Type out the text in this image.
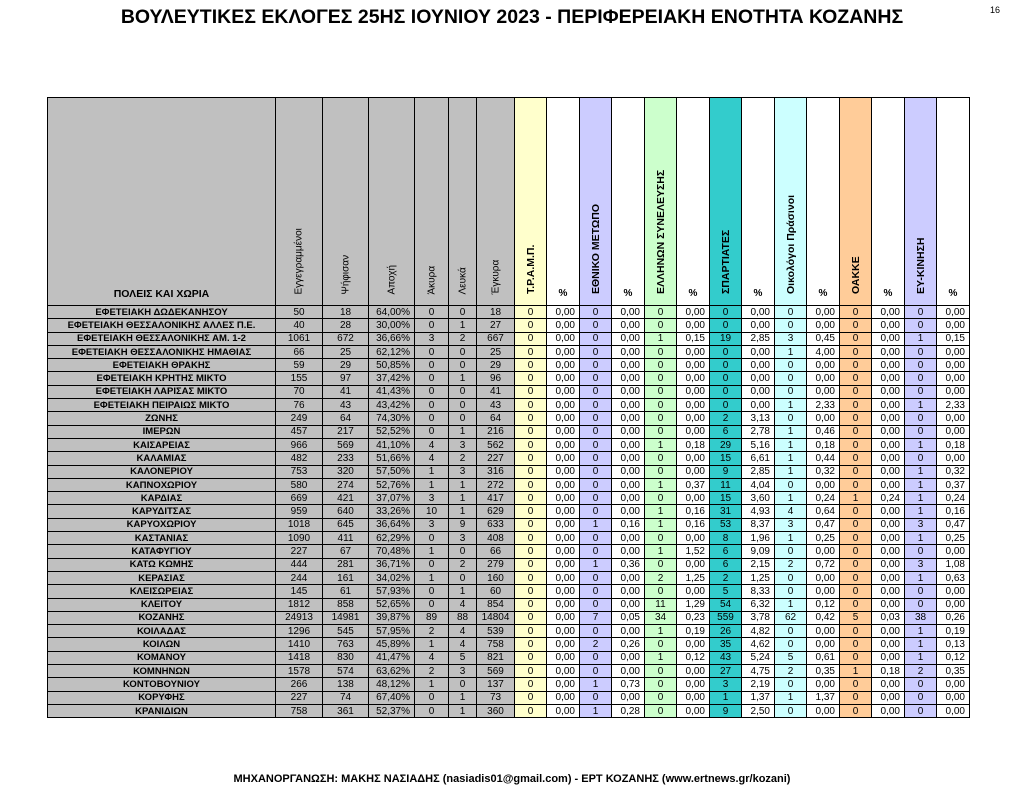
ΒΟΥΛΕΥΤΙΚΕΣ ΕΚΛΟΓΕΣ 25ΗΣ ΙΟΥΝΙΟΥ 2023 - ΠΕΡΙΦΕΡΕΙΑΚΗ ΕΝΟΤΗΤΑ ΚΟΖΑΝΗΣ	16
ΠΟΛΕΙΣ ΚΑΙ ΧΩΡΙΑ	Εγγεγραμμένοι	Ψήφισαν	Αποχή	Άκυρα	Λευκά	Έγκυρα	Τ.Ρ.Α.Μ.Π.	%	ΕΘΝΙΚΟ ΜΕΤΩΠΟ	%	ΕΛΛΗΝΩΝ ΣΥΝΕΛΕΥΣΗΣ	%	ΣΠΑΡΤΙΑΤΕΣ	%	Οικολόγοι Πράσινοι	%	ΟΑΚΚΕ	%	ΕΥ-ΚΙΝΗΣΗ	%
ΕΦΕΤΕΙΑΚΗ ΔΩΔΕΚΑΝΗΣΟΥ	50	18	64,00%	0	0	18	0	0,00	0	0,00	0	0,00	0	0,00	0	0,00	0	0,00	0	0,00
ΕΦΕΤΕΙΑΚΗ ΘΕΣΣΑΛΟΝΙΚΗΣ ΑΛΛΕΣ Π.Ε.	40	28	30,00%	0	1	27	0	0,00	0	0,00	0	0,00	0	0,00	0	0,00	0	0,00	0	0,00
ΕΦΕΤΕΙΑΚΗ ΘΕΣΣΑΛΟΝΙΚΗΣ ΑΜ. 1-2	1061	672	36,66%	3	2	667	0	0,00	0	0,00	1	0,15	19	2,85	3	0,45	0	0,00	1	0,15
ΕΦΕΤΕΙΑΚΗ ΘΕΣΣΑΛΟΝΙΚΗΣ ΗΜΑΘΙΑΣ	66	25	62,12%	0	0	25	0	0,00	0	0,00	0	0,00	0	0,00	1	4,00	0	0,00	0	0,00
ΕΦΕΤΕΙΑΚΗ ΘΡΑΚΗΣ	59	29	50,85%	0	0	29	0	0,00	0	0,00	0	0,00	0	0,00	0	0,00	0	0,00	0	0,00
ΕΦΕΤΕΙΑΚΗ ΚΡΗΤΗΣ ΜΙΚΤΟ	155	97	37,42%	0	1	96	0	0,00	0	0,00	0	0,00	0	0,00	0	0,00	0	0,00	0	0,00
ΕΦΕΤΕΙΑΚΗ ΛΑΡΙΣΑΣ ΜΙΚΤΟ	70	41	41,43%	0	0	41	0	0,00	0	0,00	0	0,00	0	0,00	0	0,00	0	0,00	0	0,00
ΕΦΕΤΕΙΑΚΗ ΠΕΙΡΑΙΩΣ ΜΙΚΤΟ	76	43	43,42%	0	0	43	0	0,00	0	0,00	0	0,00	0	0,00	1	2,33	0	0,00	1	2,33
ΖΩΝΗΣ	249	64	74,30%	0	0	64	0	0,00	0	0,00	0	0,00	2	3,13	0	0,00	0	0,00	0	0,00
ΙΜΕΡΩΝ	457	217	52,52%	0	1	216	0	0,00	0	0,00	0	0,00	6	2,78	1	0,46	0	0,00	0	0,00
ΚΑΙΣΑΡΕΙΑΣ	966	569	41,10%	4	3	562	0	0,00	0	0,00	1	0,18	29	5,16	1	0,18	0	0,00	1	0,18
ΚΑΛΑΜΙΑΣ	482	233	51,66%	4	2	227	0	0,00	0	0,00	0	0,00	15	6,61	1	0,44	0	0,00	0	0,00
ΚΑΛΟΝΕΡΙΟΥ	753	320	57,50%	1	3	316	0	0,00	0	0,00	0	0,00	9	2,85	1	0,32	0	0,00	1	0,32
ΚΑΠΝΟΧΩΡΙΟΥ	580	274	52,76%	1	1	272	0	0,00	0	0,00	1	0,37	11	4,04	0	0,00	0	0,00	1	0,37
ΚΑΡΔΙΑΣ	669	421	37,07%	3	1	417	0	0,00	0	0,00	0	0,00	15	3,60	1	0,24	1	0,24	1	0,24
ΚΑΡΥΔΙΤΣΑΣ	959	640	33,26%	10	1	629	0	0,00	0	0,00	1	0,16	31	4,93	4	0,64	0	0,00	1	0,16
ΚΑΡΥΟΧΩΡΙΟΥ	1018	645	36,64%	3	9	633	0	0,00	1	0,16	1	0,16	53	8,37	3	0,47	0	0,00	3	0,47
ΚΑΣΤΑΝΙΑΣ	1090	411	62,29%	0	3	408	0	0,00	0	0,00	0	0,00	8	1,96	1	0,25	0	0,00	1	0,25
ΚΑΤΑΦΥΓΙΟΥ	227	67	70,48%	1	0	66	0	0,00	0	0,00	1	1,52	6	9,09	0	0,00	0	0,00	0	0,00
ΚΑΤΩ ΚΩΜΗΣ	444	281	36,71%	0	2	279	0	0,00	1	0,36	0	0,00	6	2,15	2	0,72	0	0,00	3	1,08
ΚΕΡΑΣΙΑΣ	244	161	34,02%	1	0	160	0	0,00	0	0,00	2	1,25	2	1,25	0	0,00	0	0,00	1	0,63
ΚΛΕΙΣΩΡΕΙΑΣ	145	61	57,93%	0	1	60	0	0,00	0	0,00	0	0,00	5	8,33	0	0,00	0	0,00	0	0,00
ΚΛΕΙΤΟΥ	1812	858	52,65%	0	4	854	0	0,00	0	0,00	11	1,29	54	6,32	1	0,12	0	0,00	0	0,00
ΚΟΖΑΝΗΣ	24913	14981	39,87%	89	88	14804	0	0,00	7	0,05	34	0,23	559	3,78	62	0,42	5	0,03	38	0,26
ΚΟΙΛΑΔΑΣ	1296	545	57,95%	2	4	539	0	0,00	0	0,00	1	0,19	26	4,82	0	0,00	0	0,00	1	0,19
ΚΟΙΛΩΝ	1410	763	45,89%	1	4	758	0	0,00	2	0,26	0	0,00	35	4,62	0	0,00	0	0,00	1	0,13
ΚΟΜΑΝΟΥ	1418	830	41,47%	4	5	821	0	0,00	0	0,00	1	0,12	43	5,24	5	0,61	0	0,00	1	0,12
ΚΟΜΝΗΝΩΝ	1578	574	63,62%	2	3	569	0	0,00	0	0,00	0	0,00	27	4,75	2	0,35	1	0,18	2	0,35
ΚΟΝΤΟΒΟΥΝΙΟΥ	266	138	48,12%	1	0	137	0	0,00	1	0,73	0	0,00	3	2,19	0	0,00	0	0,00	0	0,00
ΚΟΡΥΦΗΣ	227	74	67,40%	0	1	73	0	0,00	0	0,00	0	0,00	1	1,37	1	1,37	0	0,00	0	0,00
ΚΡΑΝΙΔΙΩΝ	758	361	52,37%	0	1	360	0	0,00	1	0,28	0	0,00	9	2,50	0	0,00	0	0,00	0	0,00
ΜΗΧΑΝΟΡΓΑΝΩΣΗ: ΜΑΚΗΣ ΝΑΣΙΑΔΗΣ (nasiadis01@gmail.com) - ΕΡΤ ΚΟΖΑΝΗΣ (www.ertnews.gr/kozani)
